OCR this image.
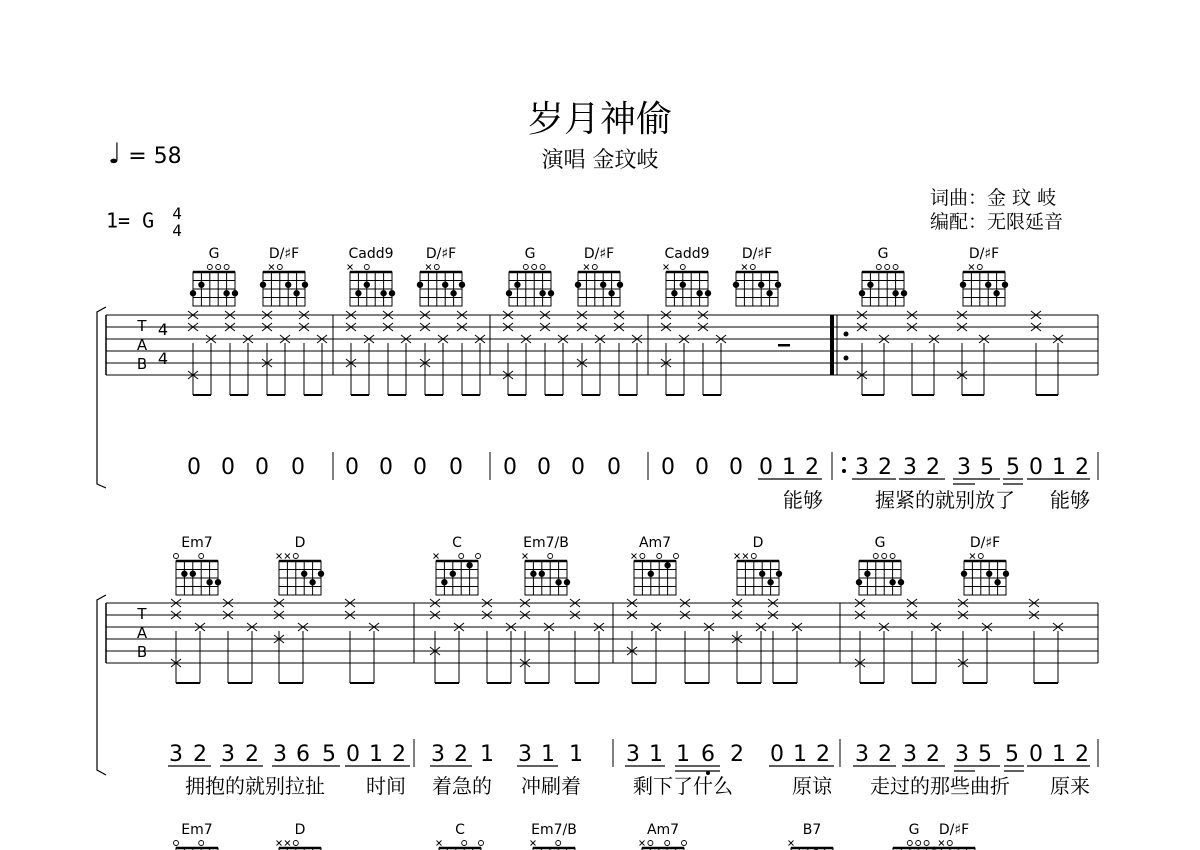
岁月神偷
演唱 金玟岐
♩ = 58
1= G 4
4
词曲：金 玟 岐
编配：无限延音
G	D/♯F	Cadd9 D/♯F	G	D/♯F	Cadd9 D/♯F	G	D/♯F
T
A
B
4
4
0 0 0 0 0 0 0 0 0 0 0 0 0 0 0 0 1 2 3 2 3 2 3 5 5 0 1 2
能够	握紧的就别放了 能够
Em7	D	C	Em7/B	Am7	D	G	D/♯F
T
A
B
3 2 3 2 3 6 5 0 1 2 3 2 1 3 1 1 3 1 1 6 2 0 1 2 3 2 3 2 3 5 5 0 1 2
拥抱的就别拉扯 时间 着急的 冲刷着	剩下了什么	原谅 走过的那些曲折 原来
Em7	D	C	Em7/B	Am7	B7	G D/♯F
